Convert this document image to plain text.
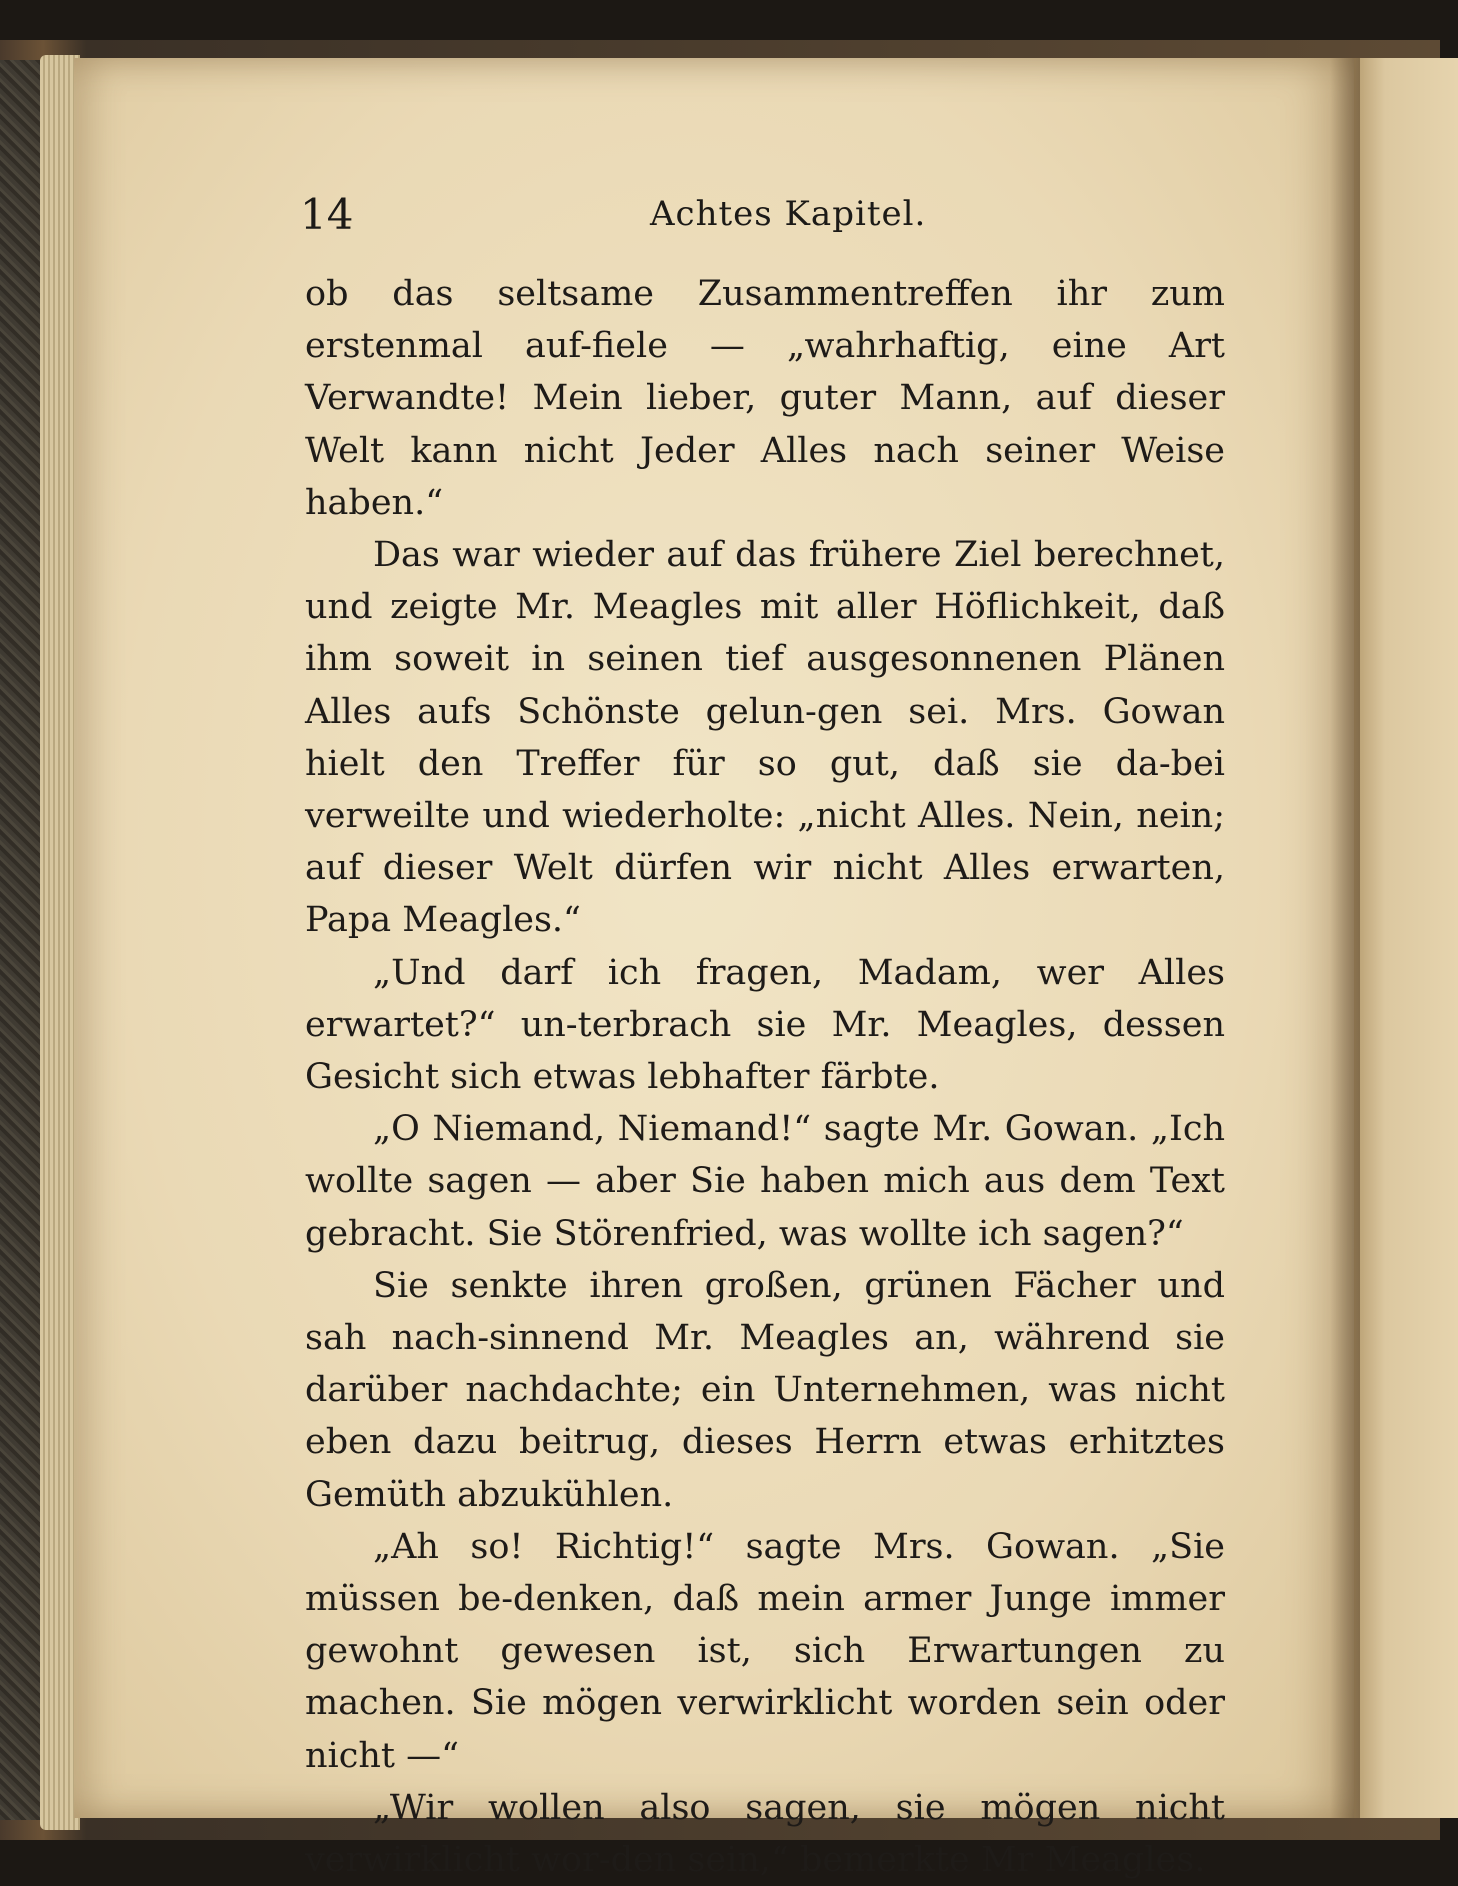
14	Achtes Kapitel.

ob das seltsame Zusammentreffen ihr zum erstenmal auf-fiele — „wahrhaftig, eine Art Verwandte! Mein lieber, guter Mann, auf dieser Welt kann nicht Jeder Alles nach seiner Weise haben.“

Das war wieder auf das frühere Ziel berechnet, und zeigte Mr. Meagles mit aller Höflichkeit, daß ihm soweit in seinen tief ausgesonnenen Plänen Alles aufs Schönste gelun-gen sei. Mrs. Gowan hielt den Treffer für so gut, daß sie da-bei verweilte und wiederholte: „nicht Alles. Nein, nein; auf dieser Welt dürfen wir nicht Alles erwarten, Papa Meagles.“

„Und darf ich fragen, Madam, wer Alles erwartet?“ un-terbrach sie Mr. Meagles, dessen Gesicht sich etwas lebhafter färbte.

„O Niemand, Niemand!“ sagte Mr. Gowan. „Ich wollte sagen — aber Sie haben mich aus dem Text gebracht. Sie Störenfried, was wollte ich sagen?“

Sie senkte ihren großen, grünen Fächer und sah nach-sinnend Mr. Meagles an, während sie darüber nachdachte; ein Unternehmen, was nicht eben dazu beitrug, dieses Herrn etwas erhitztes Gemüth abzukühlen.

„Ah so! Richtig!“ sagte Mrs. Gowan. „Sie müssen be-denken, daß mein armer Junge immer gewohnt gewesen ist, sich Erwartungen zu machen. Sie mögen verwirklicht worden sein oder nicht —“

„Wir wollen also sagen, sie mögen nicht verwirklicht wor-den sein,“ bemerkte Mr Meagles.
